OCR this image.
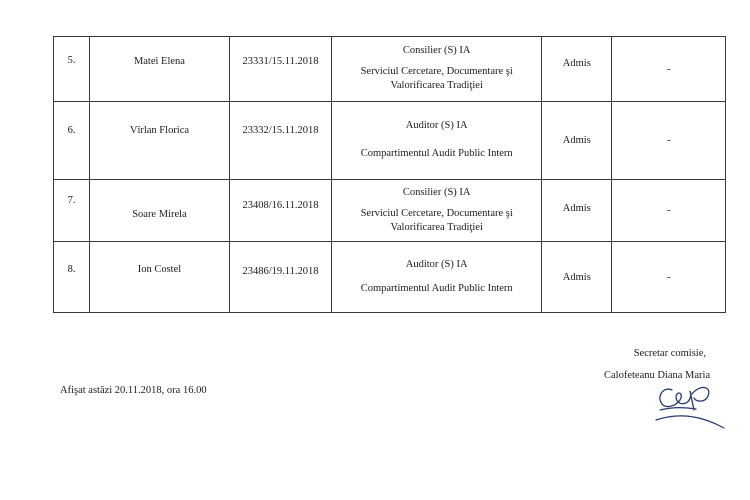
5.	Matei Elena	23331/15.11.2018	Consilier (S) IA
Serviciul Cercetare, Documentare şi Valorificarea Tradiţiei	Admis	-
6.	Vîrlan Florica	23332/15.11.2018	Auditor (S) IA
Compartimentul Audit Public Intern	Admis	-
7.	Soare Mirela	23408/16.11.2018	Consilier (S) IA
Serviciul Cercetare, Documentare şi Valorificarea Tradiţiei	Admis	-
8.	Ion Costel	23486/19.11.2018	Auditor (S) IA
Compartimentul Audit Public Intern	Admis	-
Secretar comisie,
Calofeteanu Diana Maria
Afişat astăzi 20.11.2018, ora 16.00
